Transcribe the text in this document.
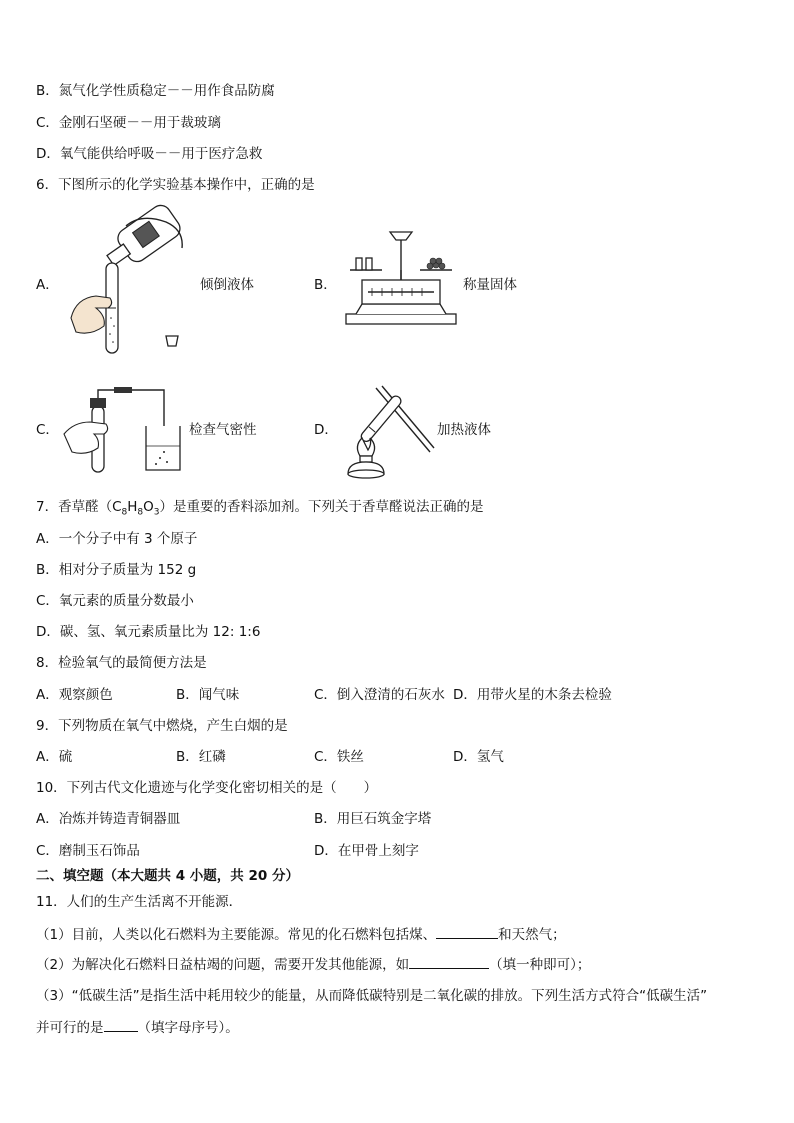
B．氮气化学性质稳定－－用作食品防腐
C．金刚石坚硬－－用于裁玻璃
D．氧气能供给呼吸－－用于医疗急救
6．下图所示的化学实验基本操作中，正确的是
A．	倾倒液体	B．	称量固体
C．	检查气密性	D．	加热液体
7．香草醛$(C_8H_8O_3)$是重要的香料添加剂。下列关于香草醛说法正确的是
A．一个分子中有 3 个原子
B．相对分子质量为 152 g
C．氧元素的质量分数最小
D．碳、氢、氧元素质量比为 12: 1:6
8．检验氧气的最简便方法是
A．观察颜色	B．闻气味	C．倒入澄清的石灰水 D．用带火星的木条去检验
9．下列物质在氧气中燃烧，产生白烟的是
A．硫	B．红磷	C．铁丝	D．氢气
10．下列古代文化遗迹与化学变化密切相关的是（　　）
A．冶炼并铸造青铜器皿	B．用巨石筑金字塔
C．磨制玉石饰品	D．在甲骨上刻字
二、填空题（本大题共 4 小题，共 20 分）
11．人们的生产生活离不开能源．
（1）目前，人类以化石燃料为主要能源。常见的化石燃料包括煤、	和天然气；
（2）为解决化石燃料日益枯竭的问题，需要开发其他能源，如	（填一种即可）；
（3）“低碳生活”是指生活中耗用较少的能量，从而降低碳特别是二氧化碳的排放。下列生活方式符合“低碳生活”
并可行的是	（填字母序号）。
